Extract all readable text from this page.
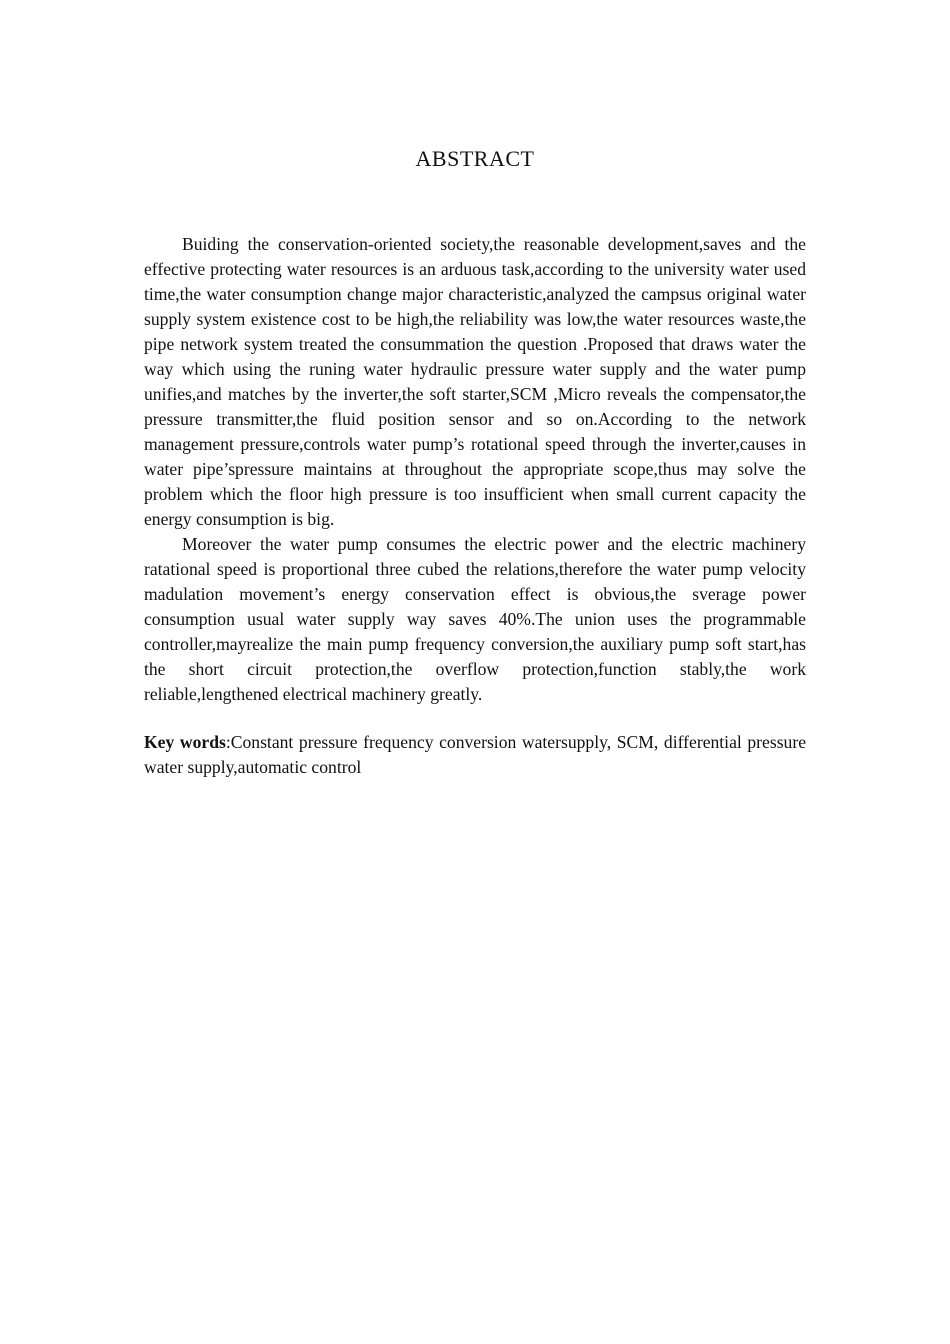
ABSTRACT

Buiding the conservation-oriented society,the reasonable development,saves and the effective protecting water resources is an arduous task,according to the university water used time,the water consumption change major characteristic,analyzed the campsus original water supply system existence cost to be high,the reliability was low,the water resources waste,the pipe network system treated the consummation the question .Proposed that draws water the way which using the runing water hydraulic pressure water supply and the water pump unifies,and matches by the inverter,the soft starter,SCM ,Micro reveals the compensator,the pressure transmitter,the fluid position sensor and so on.According to the network management pressure,controls water pump’s rotational speed through the inverter,causes in water pipe’spressure maintains at throughout the appropriate scope,thus may solve the problem which the floor high pressure is too insufficient when small current capacity the energy consumption is big.

Moreover the water pump consumes the electric power and the electric machinery ratational speed is proportional three cubed the relations,therefore the water pump velocity madulation movement’s energy conservation effect is obvious,the sverage power consumption usual water supply way saves 40%.The union uses the programmable controller,mayrealize the main pump frequency conversion,the auxiliary pump soft start,has the short circuit protection,the overflow protection,function stably,the work reliable,lengthened electrical machinery greatly.

Key words:Constant pressure frequency conversion watersupply, SCM, differential pressure water supply,automatic control
